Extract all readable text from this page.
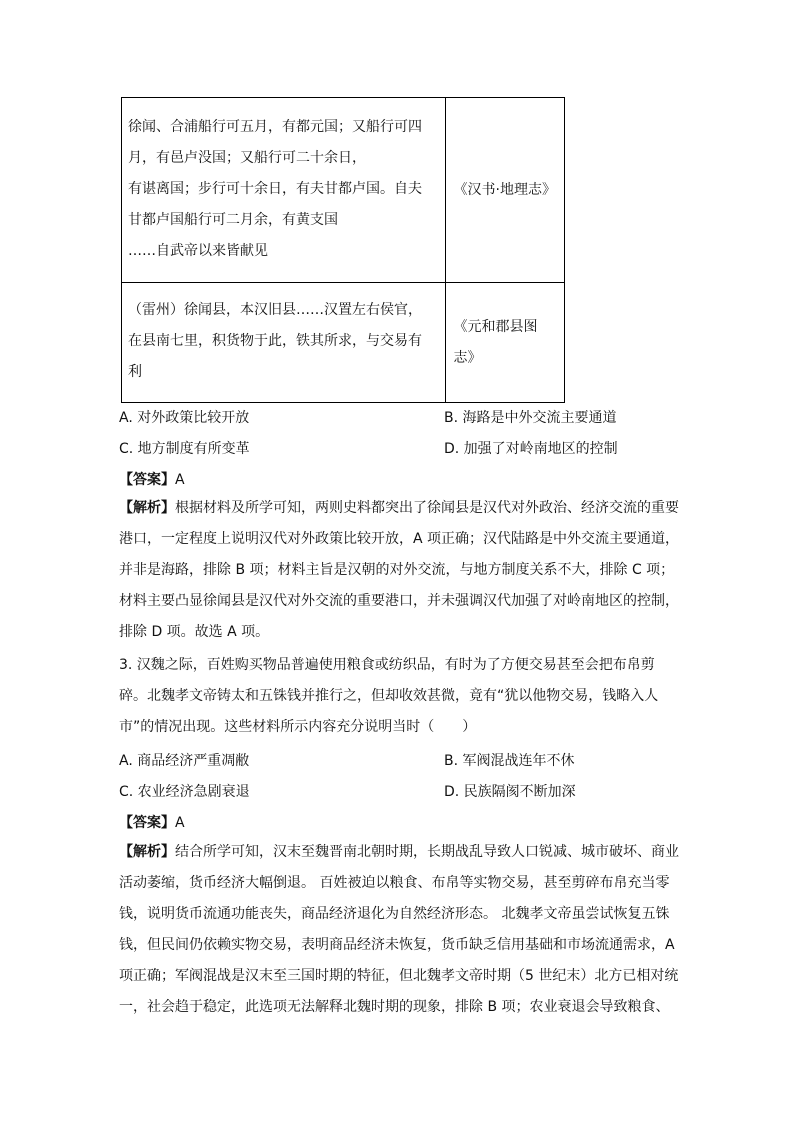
徐闻、合浦船行可五月，有都元国；又船行可四
月，有邑卢没国；又船行可二十余日，
有谌离国；步行可十余日，有夫甘都卢国。自夫
甘都卢国船行可二月余，有黄支国
……自武帝以来皆献见	《汉书·地理志》

（雷州）徐闻县，本汉旧县……汉置左右侯官，
在县南七里，积货物于此，铁其所求，与交易有
利	《元和郡县图
志》
A. 对外政策比较开放	B. 海路是中外交流主要通道
C. 地方制度有所变革	D. 加强了对岭南地区的控制
【答案】A
【解析】根据材料及所学可知，两则史料都突出了徐闻县是汉代对外政治、经济交流的重要
港口，一定程度上说明汉代对外政策比较开放，A 项正确；汉代陆路是中外交流主要通道，
并非是海路，排除 B 项；材料主旨是汉朝的对外交流，与地方制度关系不大，排除 C 项；
材料主要凸显徐闻县是汉代对外交流的重要港口，并未强调汉代加强了对岭南地区的控制，
排除 D 项。故选 A 项。
3. 汉魏之际，百姓购买物品普遍使用粮食或纺织品，有时为了方便交易甚至会把布帛剪
碎。北魏孝文帝铸太和五铢钱并推行之，但却收效甚微，竟有“犹以他物交易，钱略入人
市”的情况出现。这些材料所示内容充分说明当时（　　）
A. 商品经济严重凋敝	B. 军阀混战连年不休
C. 农业经济急剧衰退	D. 民族隔阂不断加深
【答案】A
【解析】结合所学可知，汉末至魏晋南北朝时期，长期战乱导致人口锐减、城市破坏、商业
活动萎缩，货币经济大幅倒退。 百姓被迫以粮食、布帛等实物交易，甚至剪碎布帛充当零
钱，说明货币流通功能丧失，商品经济退化为自然经济形态。 北魏孝文帝虽尝试恢复五铢
钱，但民间仍依赖实物交易，表明商品经济未恢复，货币缺乏信用基础和市场流通需求，A
项正确；军阀混战是汉末至三国时期的特征，但北魏孝文帝时期（5 世纪末）北方已相对统
一，社会趋于稳定，此选项无法解释北魏时期的现象，排除 B 项；农业衰退会导致粮食、
